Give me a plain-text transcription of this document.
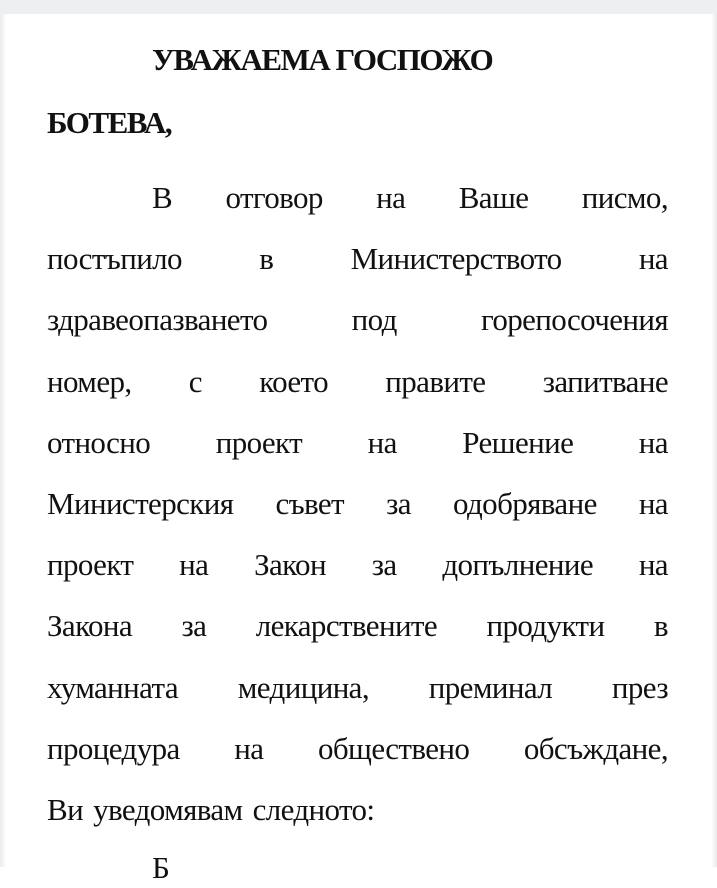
УВАЖАЕМА ГОСПОЖО
БОТЕВА,
В отговор на Ваше писмо,
постъпило в Министерството на
здравеопазването	под	горепосочения
номер, с което правите запитване
относно проект на Решение на
Министерския съвет за одобряване на
проект на Закон за допълнение на
Закона за лекарствените продукти в
хуманната медицина, преминал през
процедура на обществено обсъждане,
Ви уведомявам следното:
Б
